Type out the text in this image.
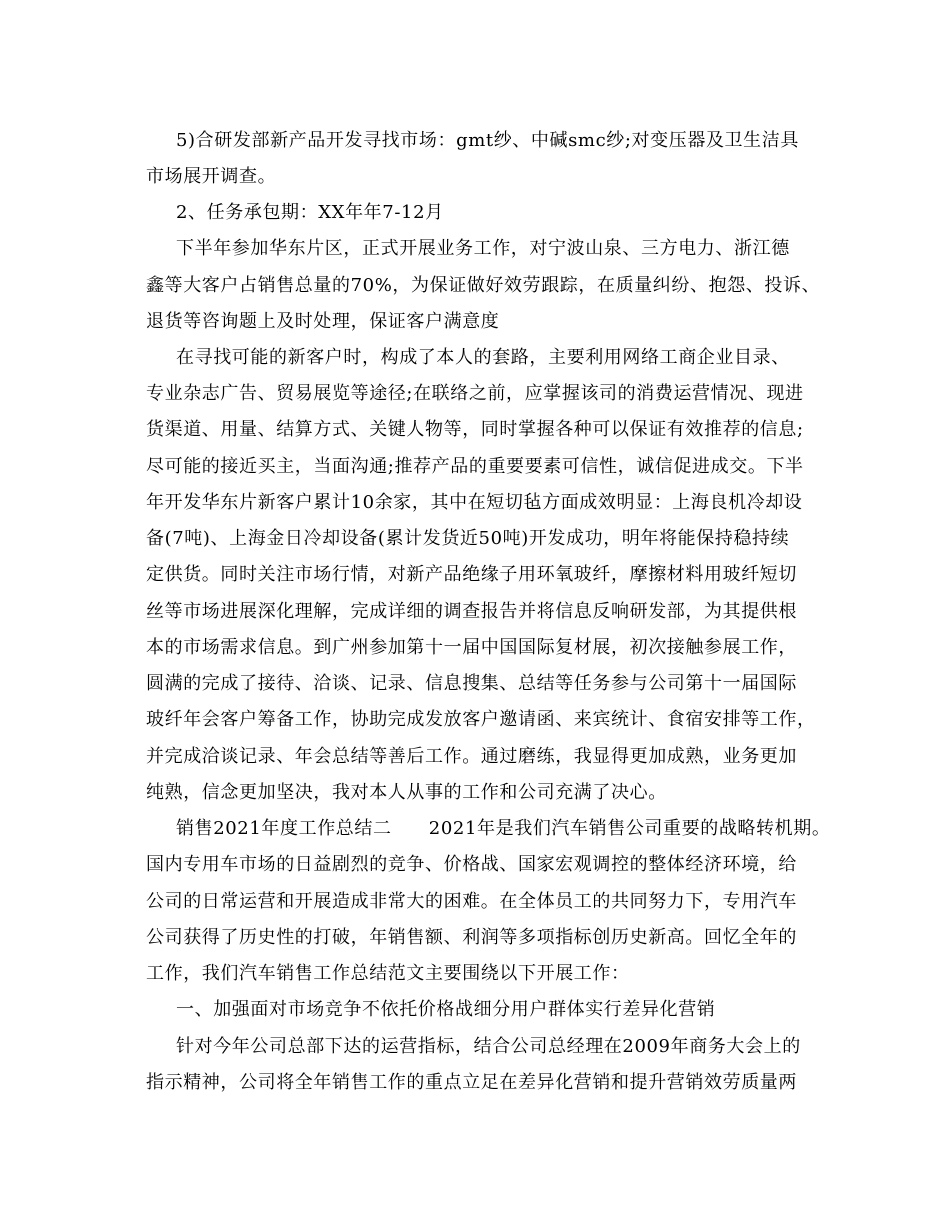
5)合研发部新产品开发寻找市场：gmt纱、中碱smc纱;对变压器及卫生洁具

市场展开调查。

2、任务承包期：XX年年7-12月

下半年参加华东片区，正式开展业务工作，对宁波山泉、三方电力、浙江德

鑫等大客户占销售总量的70%，为保证做好效劳跟踪，在质量纠纷、抱怨、投诉、

退货等咨询题上及时处理，保证客户满意度

在寻找可能的新客户时，构成了本人的套路，主要利用网络工商企业目录、

专业杂志广告、贸易展览等途径;在联络之前，应掌握该司的消费运营情况、现进

货渠道、用量、结算方式、关键人物等，同时掌握各种可以保证有效推荐的信息;

尽可能的接近买主，当面沟通;推荐产品的重要要素可信性，诚信促进成交。下半

年开发华东片新客户累计10余家，其中在短切毡方面成效明显：上海良机冷却设

备(7吨)、上海金日冷却设备(累计发货近50吨)开发成功，明年将能保持稳持续

定供货。同时关注市场行情，对新产品绝缘子用环氧玻纤，摩擦材料用玻纤短切

丝等市场进展深化理解，完成详细的调查报告并将信息反响研发部，为其提供根

本的市场需求信息。到广州参加第十一届中国国际复材展，初次接触参展工作，

圆满的完成了接待、洽谈、记录、信息搜集、总结等任务参与公司第十一届国际

玻纤年会客户筹备工作，协助完成发放客户邀请函、来宾统计、食宿安排等工作，

并完成洽谈记录、年会总结等善后工作。通过磨练，我显得更加成熟，业务更加

纯熟，信念更加坚决，我对本人从事的工作和公司充满了决心。

销售2021年度工作总结二　　2021年是我们汽车销售公司重要的战略转机期。

国内专用车市场的日益剧烈的竞争、价格战、国家宏观调控的整体经济环境，给

公司的日常运营和开展造成非常大的困难。在全体员工的共同努力下，专用汽车

公司获得了历史性的打破，年销售额、利润等多项指标创历史新高。回忆全年的

工作，我们汽车销售工作总结范文主要围绕以下开展工作：

一、加强面对市场竞争不依托价格战细分用户群体实行差异化营销

针对今年公司总部下达的运营指标，结合公司总经理在2009年商务大会上的

指示精神，公司将全年销售工作的重点立足在差异化营销和提升营销效劳质量两
